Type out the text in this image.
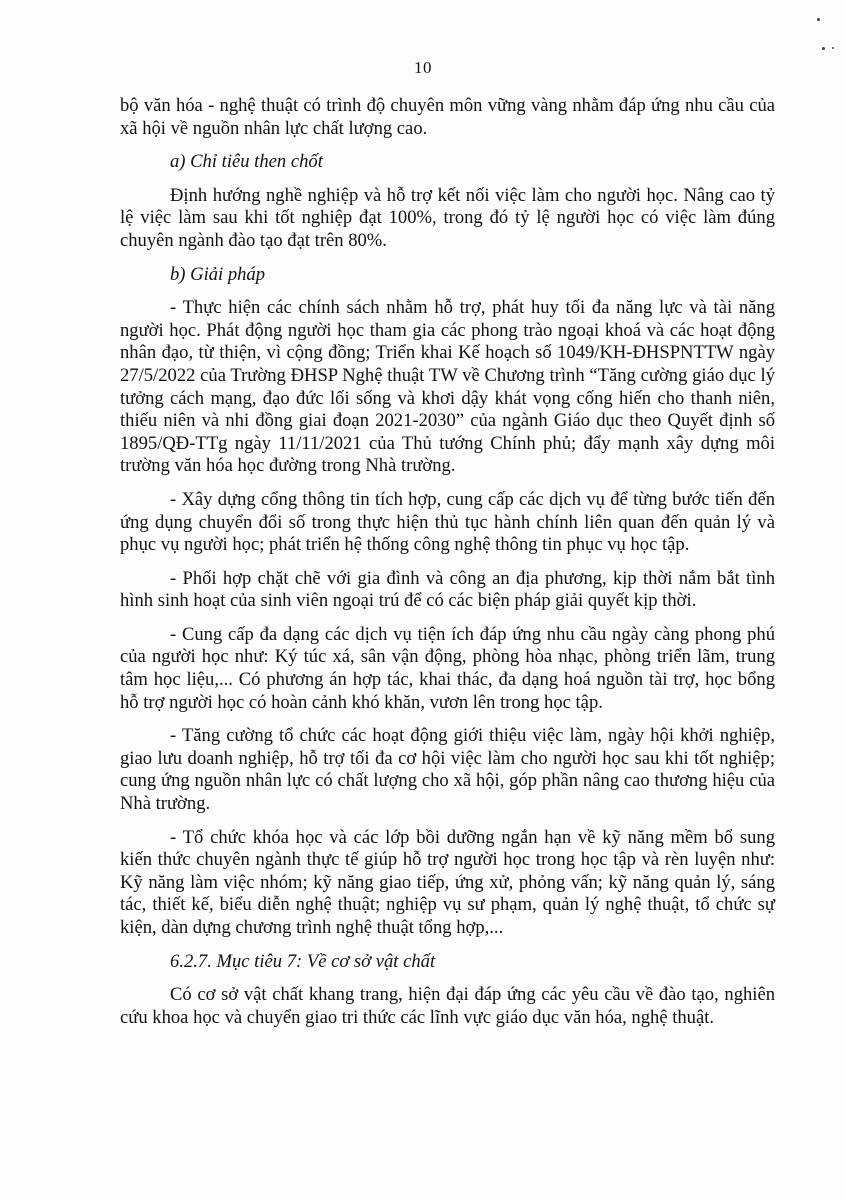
10

bộ văn hóa - nghệ thuật có trình độ chuyên môn vững vàng nhằm đáp ứng nhu cầu của xã hội về nguồn nhân lực chất lượng cao.

a) Chỉ tiêu then chốt

Định hướng nghề nghiệp và hỗ trợ kết nối việc làm cho người học. Nâng cao tỷ lệ việc làm sau khi tốt nghiệp đạt 100%, trong đó tỷ lệ người học có việc làm đúng chuyên ngành đào tạo đạt trên 80%.

b) Giải pháp

- Thực hiện các chính sách nhằm hỗ trợ, phát huy tối đa năng lực và tài năng người học. Phát động người học tham gia các phong trào ngoại khoá và các hoạt động nhân đạo, từ thiện, vì cộng đồng; Triển khai Kế hoạch số 1049/KH-ĐHSPNTTW ngày 27/5/2022 của Trường ĐHSP Nghệ thuật TW về Chương trình “Tăng cường giáo dục lý tưởng cách mạng, đạo đức lối sống và khơi dậy khát vọng cống hiến cho thanh niên, thiếu niên và nhi đồng giai đoạn 2021-2030” của ngành Giáo dục theo Quyết định số 1895/QĐ-TTg ngày 11/11/2021 của Thủ tướng Chính phủ; đẩy mạnh xây dựng môi trường văn hóa học đường trong Nhà trường.

- Xây dựng cổng thông tin tích hợp, cung cấp các dịch vụ để từng bước tiến đến ứng dụng chuyển đổi số trong thực hiện thủ tục hành chính liên quan đến quản lý và phục vụ người học; phát triển hệ thống công nghệ thông tin phục vụ học tập.

- Phối hợp chặt chẽ với gia đình và công an địa phương, kịp thời nắm bắt tình hình sinh hoạt của sinh viên ngoại trú để có các biện pháp giải quyết kịp thời.

- Cung cấp đa dạng các dịch vụ tiện ích đáp ứng nhu cầu ngày càng phong phú của người học như: Ký túc xá, sân vận động, phòng hòa nhạc, phòng triển lãm, trung tâm học liệu,... Có phương án hợp tác, khai thác, đa dạng hoá nguồn tài trợ, học bổng hỗ trợ người học có hoàn cảnh khó khăn, vươn lên trong học tập.

- Tăng cường tổ chức các hoạt động giới thiệu việc làm, ngày hội khởi nghiệp, giao lưu doanh nghiệp, hỗ trợ tối đa cơ hội việc làm cho người học sau khi tốt nghiệp; cung ứng nguồn nhân lực có chất lượng cho xã hội, góp phần nâng cao thương hiệu của Nhà trường.

- Tổ chức khóa học và các lớp bồi dưỡng ngắn hạn về kỹ năng mềm bổ sung kiến thức chuyên ngành thực tế giúp hỗ trợ người học trong học tập và rèn luyện như: Kỹ năng làm việc nhóm; kỹ năng giao tiếp, ứng xử, phỏng vấn; kỹ năng quản lý, sáng tác, thiết kế, biểu diễn nghệ thuật; nghiệp vụ sư phạm, quản lý nghệ thuật, tổ chức sự kiện, dàn dựng chương trình nghệ thuật tổng hợp,...

6.2.7. Mục tiêu 7: Về cơ sở vật chất

Có cơ sở vật chất khang trang, hiện đại đáp ứng các yêu cầu về đào tạo, nghiên cứu khoa học và chuyển giao tri thức các lĩnh vực giáo dục văn hóa, nghệ thuật.
